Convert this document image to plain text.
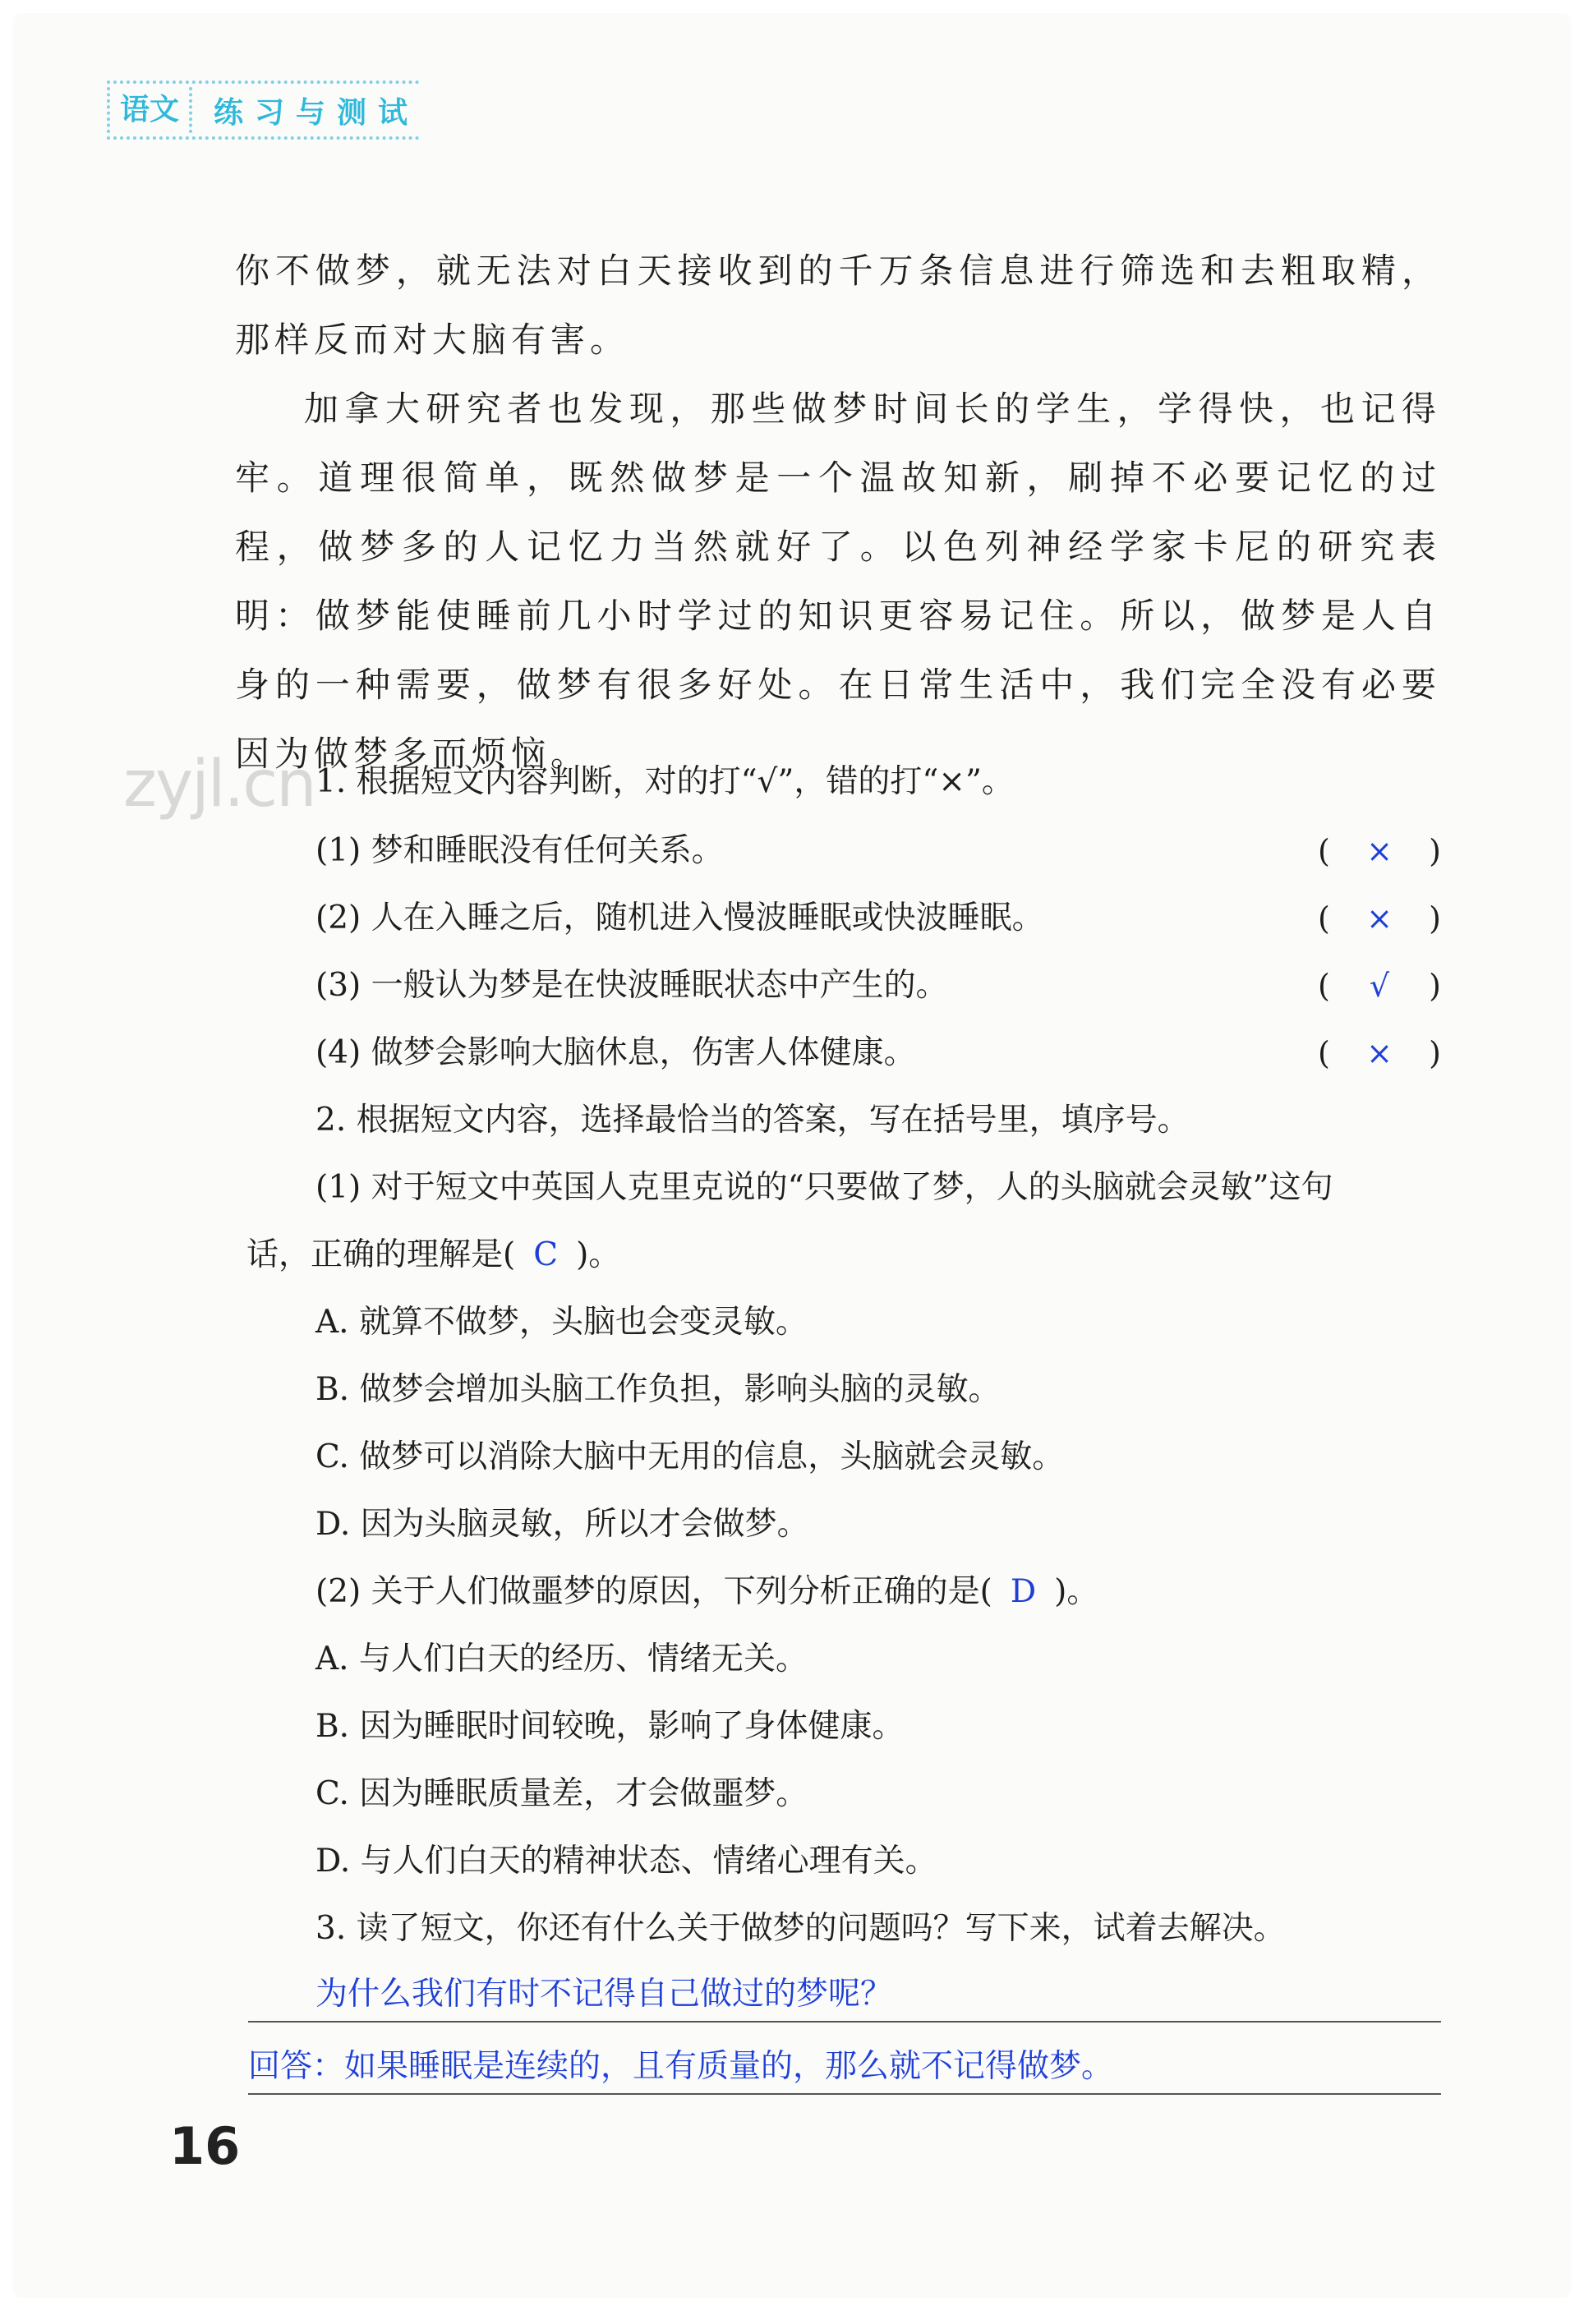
语文	练习与测试
你不做梦，就无法对白天接收到的千万条信息进行筛选和去粗取精，那样反而对大脑有害。
加拿大研究者也发现，那些做梦时间长的学生，学得快，也记得牢。道理很简单，既然做梦是一个温故知新，刷掉不必要记忆的过程，做梦多的人记忆力当然就好了。以色列神经学家卡尼的研究表明：做梦能使睡前几小时学过的知识更容易记住。所以，做梦是人自身的一种需要，做梦有很多好处。在日常生活中，我们完全没有必要因为做梦多而烦恼。
zyjl.cn 1. 根据短文内容判断，对的打“√”，错的打“×”。
(1) 梦和睡眠没有任何关系。	( × )
(2) 人在入睡之后，随机进入慢波睡眠或快波睡眠。	( × )
(3) 一般认为梦是在快波睡眠状态中产生的。	( √ )
(4) 做梦会影响大脑休息，伤害人体健康。	( × )
2. 根据短文内容，选择最恰当的答案，写在括号里，填序号。
(1) 对于短文中英国人克里克说的“只要做了梦，人的头脑就会灵敏”这句
话，正确的理解是( C )。
A. 就算不做梦，头脑也会变灵敏。
B. 做梦会增加头脑工作负担，影响头脑的灵敏。
C. 做梦可以消除大脑中无用的信息，头脑就会灵敏。
D. 因为头脑灵敏，所以才会做梦。
(2) 关于人们做噩梦的原因，下列分析正确的是( D )。
A. 与人们白天的经历、情绪无关。
B. 因为睡眠时间较晚，影响了身体健康。
C. 因为睡眠质量差，才会做噩梦。
D. 与人们白天的精神状态、情绪心理有关。
3. 读了短文，你还有什么关于做梦的问题吗？写下来，试着去解决。
为什么我们有时不记得自己做过的梦呢？
回答：如果睡眠是连续的，且有质量的，那么就不记得做梦。
16
